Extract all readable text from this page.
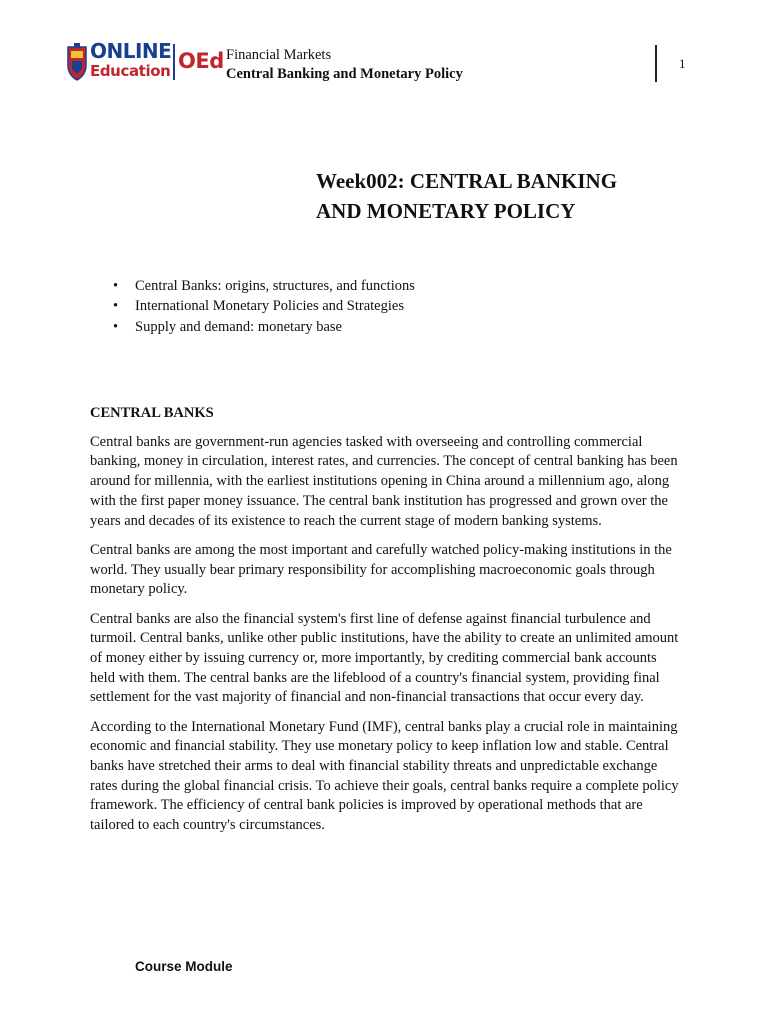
ONLINE
Education OEd Financial Markets
Central Banking and Monetary Policy
1
Week002: CENTRAL BANKING
AND MONETARY POLICY
• Central Banks: origins, structures, and functions
• International Monetary Policies and Strategies
• Supply and demand: monetary base
CENTRAL BANKS

Central banks are government-run agencies tasked with overseeing and controlling commercial banking, money in circulation, interest rates, and currencies. The concept of central banking has been around for millennia, with the earliest institutions opening in China around a millennium ago, along with the first paper money issuance. The central bank institution has progressed and grown over the years and decades of its existence to reach the current stage of modern banking systems.

Central banks are among the most important and carefully watched policy-making institutions in the world. They usually bear primary responsibility for accomplishing macroeconomic goals through monetary policy.

Central banks are also the financial system's first line of defense against financial turbulence and turmoil. Central banks, unlike other public institutions, have the ability to create an unlimited amount of money either by issuing currency or, more importantly, by crediting commercial bank accounts held with them. The central banks are the lifeblood of a country's financial system, providing final settlement for the vast majority of financial and non-financial transactions that occur every day.

According to the International Monetary Fund (IMF), central banks play a crucial role in maintaining economic and financial stability. They use monetary policy to keep inflation low and stable. Central banks have stretched their arms to deal with financial stability threats and unpredictable exchange rates during the global financial crisis. To achieve their goals, central banks require a complete policy framework. The efficiency of central bank policies is improved by operational methods that are tailored to each country's circumstances.

Course Module
